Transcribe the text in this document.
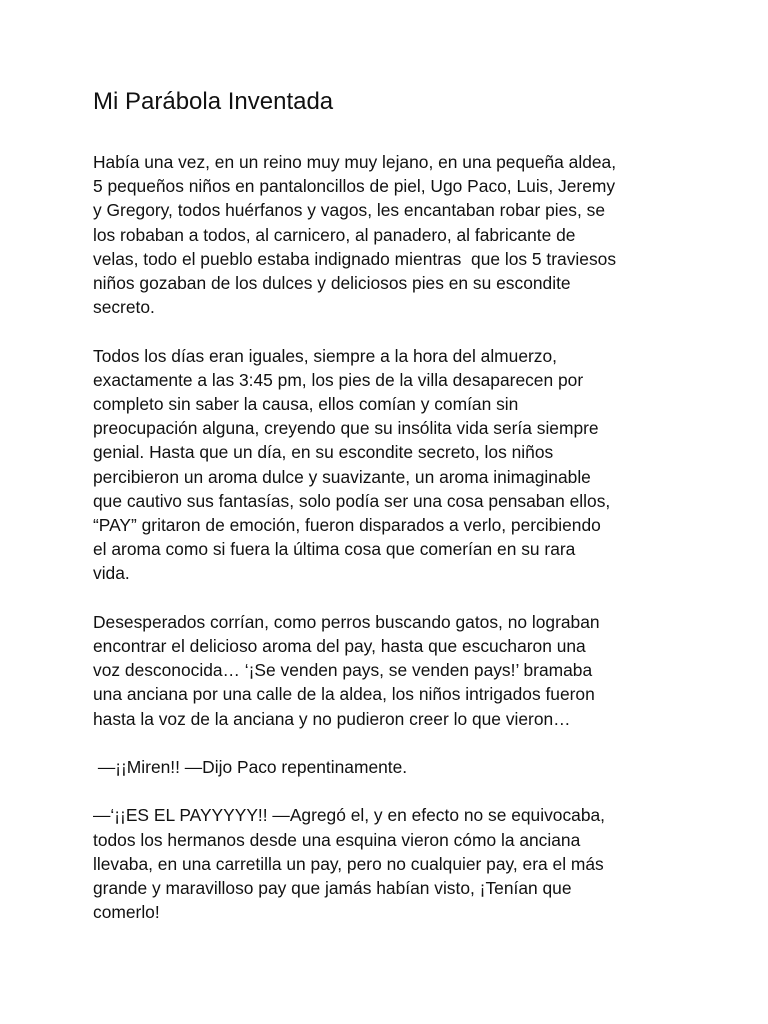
Mi Parábola Inventada
Había una vez, en un reino muy muy lejano, en una pequeña aldea,
5 pequeños niños en pantaloncillos de piel, Ugo Paco, Luis, Jeremy
y Gregory, todos huérfanos y vagos, les encantaban robar pies, se
los robaban a todos, al carnicero, al panadero, al fabricante de
velas, todo el pueblo estaba indignado mientras  que los 5 traviesos
niños gozaban de los dulces y deliciosos pies en su escondite
secreto.
Todos los días eran iguales, siempre a la hora del almuerzo,
exactamente a las 3:45 pm, los pies de la villa desaparecen por
completo sin saber la causa, ellos comían y comían sin
preocupación alguna, creyendo que su insólita vida sería siempre
genial. Hasta que un día, en su escondite secreto, los niños
percibieron un aroma dulce y suavizante, un aroma inimaginable
que cautivo sus fantasías, solo podía ser una cosa pensaban ellos,
“PAY” gritaron de emoción, fueron disparados a verlo, percibiendo
el aroma como si fuera la última cosa que comerían en su rara
vida.
Desesperados corrían, como perros buscando gatos, no lograban
encontrar el delicioso aroma del pay, hasta que escucharon una
voz desconocida… ‘¡Se venden pays, se venden pays!’ bramaba
una anciana por una calle de la aldea, los niños intrigados fueron
hasta la voz de la anciana y no pudieron creer lo que vieron…
—¡¡Miren!! —Dijo Paco repentinamente.
—‘¡¡ES EL PAYYYYY!! —Agregó el, y en efecto no se equivocaba,
todos los hermanos desde una esquina vieron cómo la anciana
llevaba, en una carretilla un pay, pero no cualquier pay, era el más
grande y maravilloso pay que jamás habían visto, ¡Tenían que
comerlo!
